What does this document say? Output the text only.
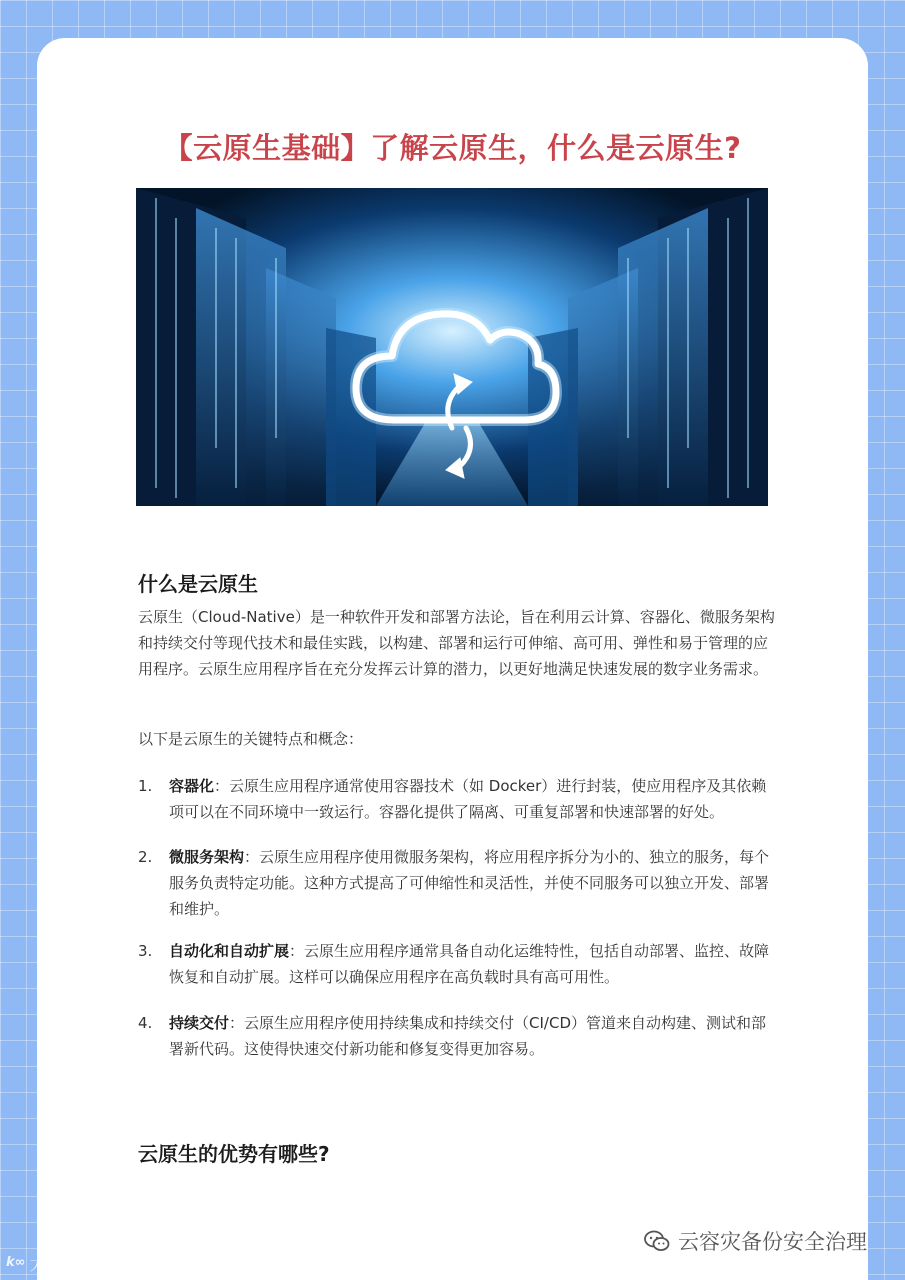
【云原生基础】了解云原生，什么是云原生?
什么是云原生

云原生（Cloud-Native）是一种软件开发和部署方法论，旨在利用云计算、容器化、微服务架构和持续交付等现代技术和最佳实践，以构建、部署和运行可伸缩、高可用、弹性和易于管理的应用程序。云原生应用程序旨在充分发挥云计算的潜力，以更好地满足快速发展的数字业务需求。

以下是云原生的关键特点和概念：

1.	容器化：云原生应用程序通常使用容器技术（如 Docker）进行封装，使应用程序及其依赖项可以在不同环境中一致运行。容器化提供了隔离、可重复部署和快速部署的好处。
2.	微服务架构：云原生应用程序使用微服务架构，将应用程序拆分为小的、独立的服务，每个服务负责特定功能。这种方式提高了可伸缩性和灵活性，并使不同服务可以独立开发、部署和维护。
3.	自动化和自动扩展：云原生应用程序通常具备自动化运维特性，包括自动部署、监控、故障恢复和自动扩展。这样可以确保应用程序在高负载时具有高可用性。
4.	持续交付：云原生应用程序使用持续集成和持续交付（CI/CD）管道来自动构建、测试和部署新代码。这使得快速交付新功能和修复变得更加容易。
云原生的优势有哪些?
k∞ 大数跨境
云容灾备份安全治理
